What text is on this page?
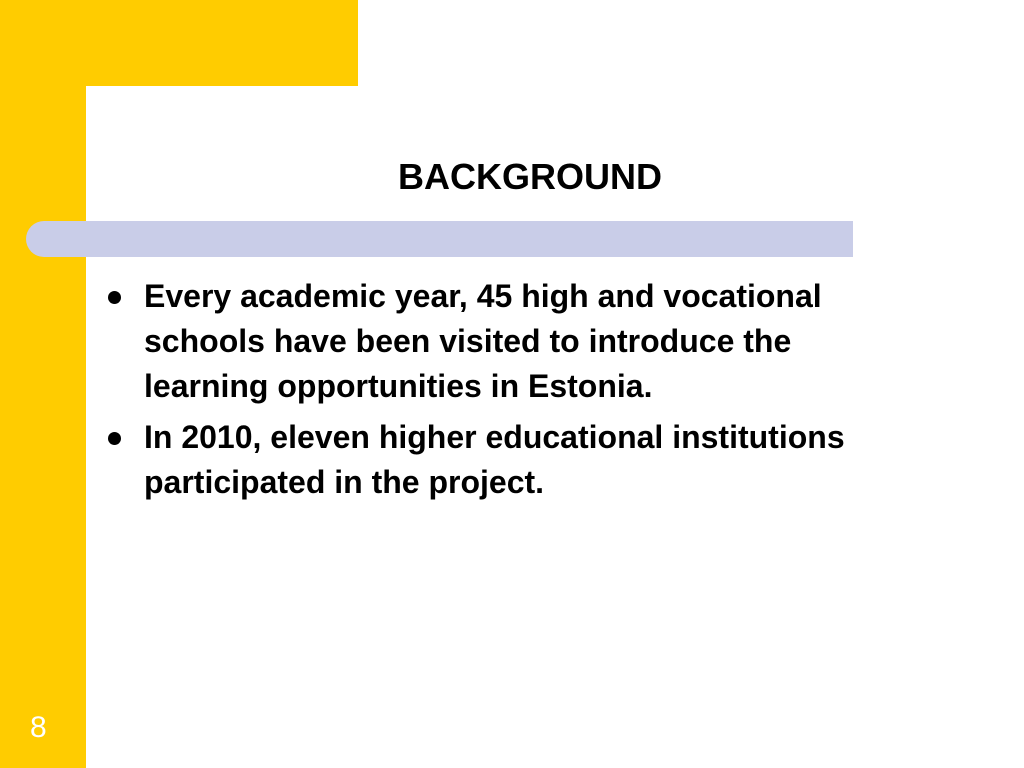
BACKGROUND
Every academic year, 45 high and vocational schools have been visited to introduce the learning opportunities in Estonia.
In 2010, eleven higher educational institutions participated in the project.
8
